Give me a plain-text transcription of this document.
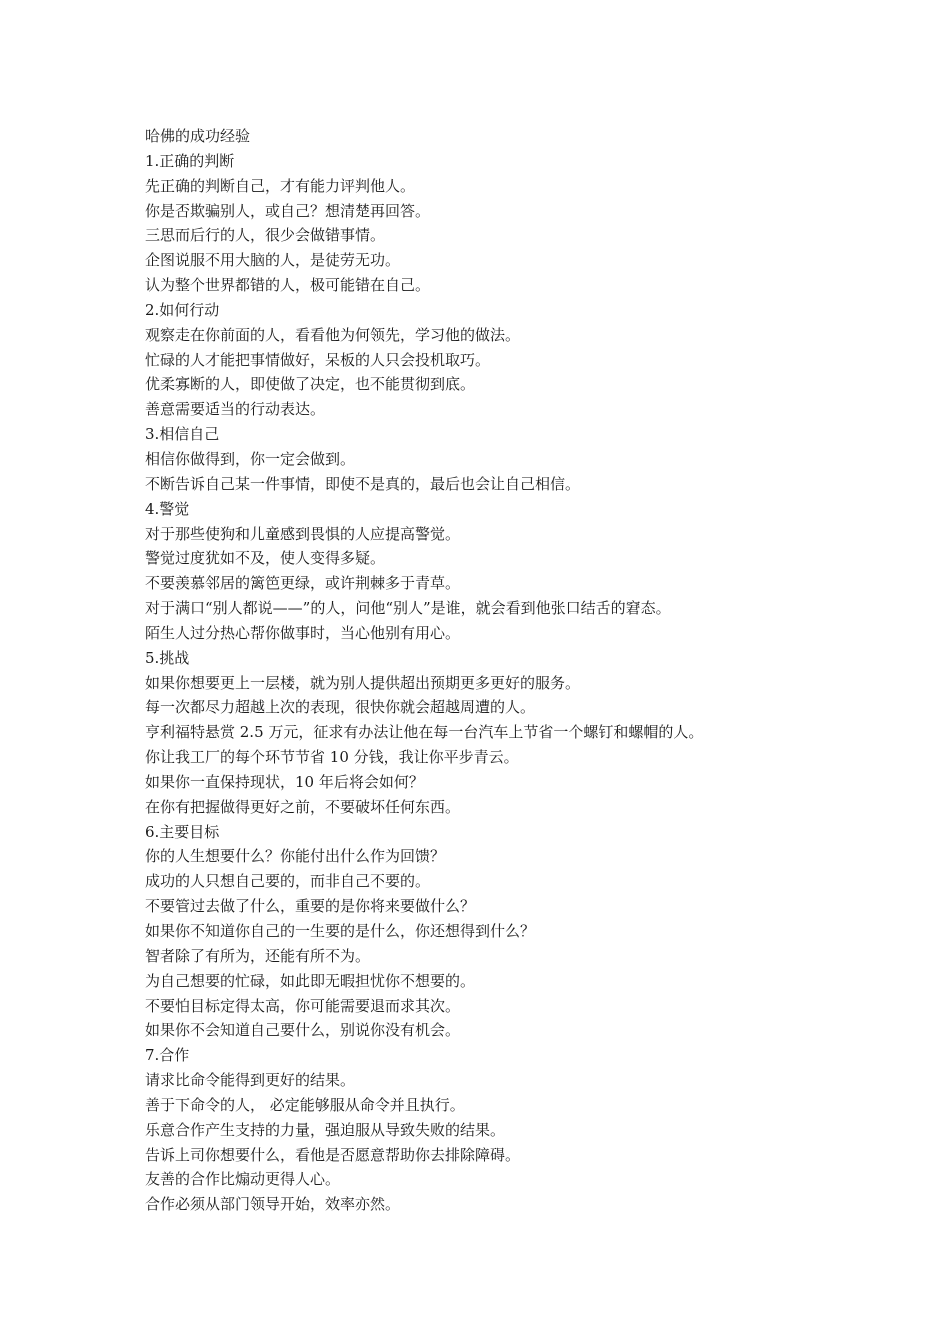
哈佛的成功经验

1.正确的判断

先正确的判断自己，才有能力评判他人。

你是否欺骗别人，或自己？想清楚再回答。

三思而后行的人，很少会做错事情。

企图说服不用大脑的人，是徒劳无功。

认为整个世界都错的人，极可能错在自己。

2.如何行动

观察走在你前面的人，看看他为何领先，学习他的做法。

忙碌的人才能把事情做好，呆板的人只会投机取巧。

优柔寡断的人，即使做了决定，也不能贯彻到底。

善意需要适当的行动表达。

3.相信自己

相信你做得到，你一定会做到。

不断告诉自己某一件事情，即使不是真的，最后也会让自己相信。

4.警觉

对于那些使狗和儿童感到畏惧的人应提高警觉。

警觉过度犹如不及，使人变得多疑。

不要羡慕邻居的篱笆更绿，或许荆棘多于青草。

对于满口“别人都说——”的人，问他“别人”是谁，就会看到他张口结舌的窘态。

陌生人过分热心帮你做事时，当心他别有用心。

5.挑战

如果你想要更上一层楼，就为别人提供超出预期更多更好的服务。

每一次都尽力超越上次的表现，很快你就会超越周遭的人。

亨利福特悬赏 2.5 万元，征求有办法让他在每一台汽车上节省一个螺钉和螺帽的人。

你让我工厂的每个环节节省 10 分钱，我让你平步青云。

如果你一直保持现状，10 年后将会如何？

在你有把握做得更好之前，不要破坏任何东西。

6.主要目标

你的人生想要什么？你能付出什么作为回馈？

成功的人只想自己要的，而非自己不要的。

不要管过去做了什么，重要的是你将来要做什么？

如果你不知道你自己的一生要的是什么，你还想得到什么？

智者除了有所为，还能有所不为。

为自己想要的忙碌，如此即无暇担忧你不想要的。

不要怕目标定得太高，你可能需要退而求其次。

如果你不会知道自己要什么，别说你没有机会。

7.合作

请求比命令能得到更好的结果。

善于下命令的人， 必定能够服从命令并且执行。

乐意合作产生支持的力量，强迫服从导致失败的结果。

告诉上司你想要什么，看他是否愿意帮助你去排除障碍。

友善的合作比煽动更得人心。

合作必须从部门领导开始，效率亦然。
